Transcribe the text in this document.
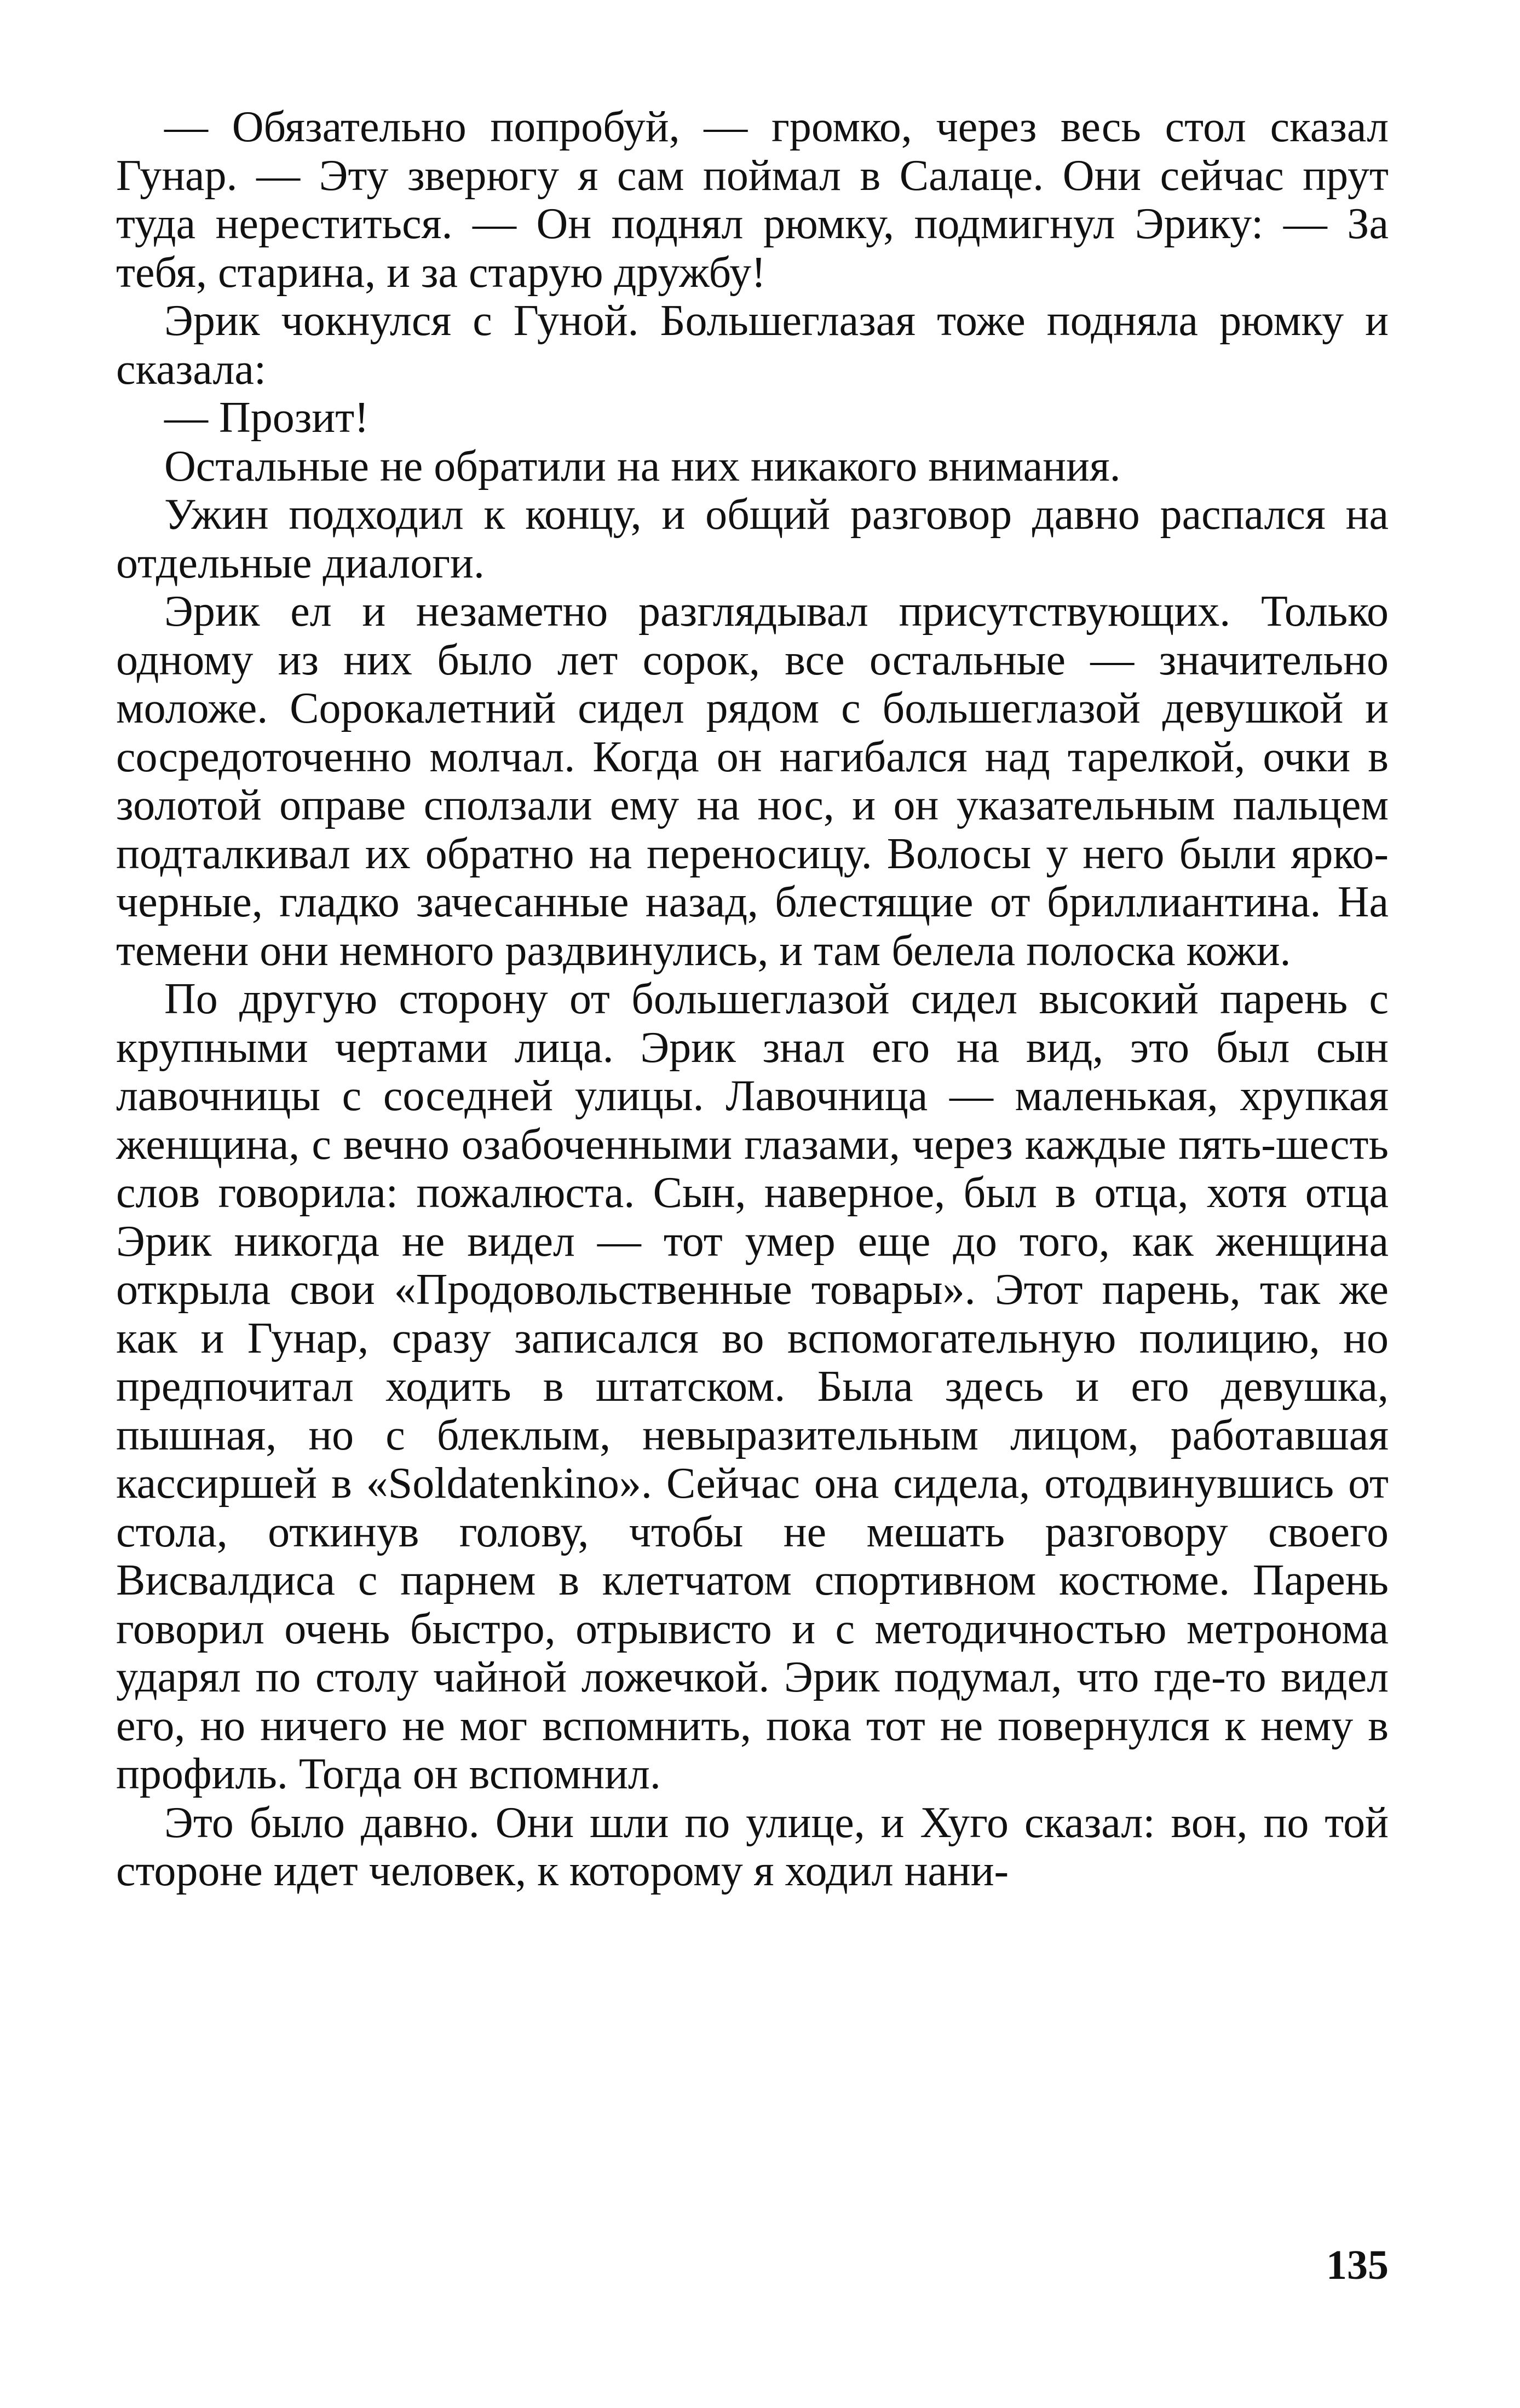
— Обязательно попробуй, — громко, через весь стол сказал Гунар. — Эту зверюгу я сам поймал в Салаце. Они сейчас прут туда нереститься. — Он поднял рюмку, подмигнул Эрику: — За тебя, старина, и за старую дружбу!

Эрик чокнулся с Гуной. Большеглазая тоже подняла рюмку и сказала:

— Прозит!

Остальные не обратили на них никакого внимания.

Ужин подходил к концу, и общий разговор давно распался на отдельные диалоги.

Эрик ел и незаметно разглядывал присутствующих. Только одному из них было лет сорок, все остальные — значительно моложе. Сорокалетний сидел рядом с большеглазой девушкой и сосредоточенно молчал. Когда он нагибался над тарелкой, очки в золотой оправе сползали ему на нос, и он указательным пальцем подталкивал их обратно на переносицу. Волосы у него были ярко-черные, гладко зачесанные назад, блестящие от бриллиантина. На темени они немного раздвинулись, и там белела полоска кожи.

По другую сторону от большеглазой сидел высокий парень с крупными чертами лица. Эрик знал его на вид, это был сын лавочницы с соседней улицы. Лавочница — маленькая, хрупкая женщина, с вечно озабоченными глазами, через каждые пять-шесть слов говорила: пожалюста. Сын, наверное, был в отца, хотя отца Эрик никогда не видел — тот умер еще до того, как женщина открыла свои «Продовольственные товары». Этот парень, так же как и Гунар, сразу записался во вспомогательную полицию, но предпочитал ходить в штатском. Была здесь и его девушка, пышная, но с блеклым, невыразительным лицом, работавшая кассиршей в «Soldatenkino». Сейчас она сидела, отодвинувшись от стола, откинув голову, чтобы не мешать разговору своего Висвалдиса с парнем в клетчатом спортивном костюме. Парень говорил очень быстро, отрывисто и с методичностью метронома ударял по столу чайной ложечкой. Эрик подумал, что где-то видел его, но ничего не мог вспомнить, пока тот не повернулся к нему в профиль. Тогда он вспомнил.

Это было давно. Они шли по улице, и Хуго сказал: вон, по той стороне идет человек, к которому я ходил нани-

135
